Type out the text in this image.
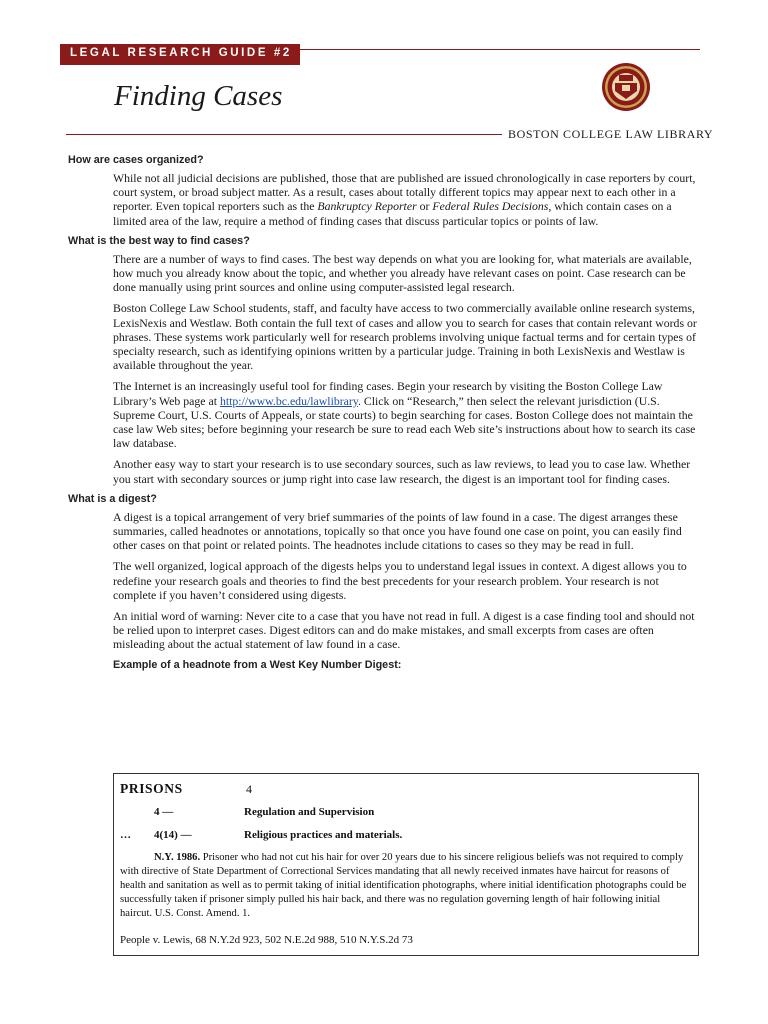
LEGAL RESEARCH GUIDE #2
Finding Cases
BOSTON COLLEGE LAW LIBRARY
How are cases organized?
While not all judicial decisions are published, those that are published are issued chronologically in case reporters by court, court system, or broad subject matter. As a result, cases about totally different topics may appear next to each other in a reporter. Even topical reporters such as the Bankruptcy Reporter or Federal Rules Decisions, which contain cases on a limited area of the law, require a method of finding cases that discuss particular topics or points of law.
What is the best way to find cases?
There are a number of ways to find cases. The best way depends on what you are looking for, what materials are available, how much you already know about the topic, and whether you already have relevant cases on point. Case research can be done manually using print sources and online using computer-assisted legal research.
Boston College Law School students, staff, and faculty have access to two commercially available online research systems, LexisNexis and Westlaw. Both contain the full text of cases and allow you to search for cases that contain relevant words or phrases. These systems work particularly well for research problems involving unique factual terms and for certain types of specialty research, such as identifying opinions written by a particular judge. Training in both LexisNexis and Westlaw is available throughout the year.
The Internet is an increasingly useful tool for finding cases. Begin your research by visiting the Boston College Law Library’s Web page at http://www.bc.edu/lawlibrary. Click on “Research,” then select the relevant jurisdiction (U.S. Supreme Court, U.S. Courts of Appeals, or state courts) to begin searching for cases. Boston College does not maintain the case law Web sites; before beginning your research be sure to read each Web site’s instructions about how to search its case law database.
Another easy way to start your research is to use secondary sources, such as law reviews, to lead you to case law. Whether you start with secondary sources or jump right into case law research, the digest is an important tool for finding cases.
What is a digest?
A digest is a topical arrangement of very brief summaries of the points of law found in a case. The digest arranges these summaries, called headnotes or annotations, topically so that once you have found one case on point, you can easily find other cases on that point or related points. The headnotes include citations to cases so they may be read in full.
The well organized, logical approach of the digests helps you to understand legal issues in context. A digest allows you to redefine your research goals and theories to find the best precedents for your research problem. Your research is not complete if you haven’t considered using digests.
An initial word of warning: Never cite to a case that you have not read in full. A digest is a case finding tool and should not be relied upon to interpret cases. Digest editors can and do make mistakes, and small excerpts from cases are often misleading about the actual statement of law found in a case.
Example of a headnote from a West Key Number Digest:
PRISONS	4
4 —	Regulation and Supervision
… 4(14) —	Religious practices and materials.
N.Y. 1986. Prisoner who had not cut his hair for over 20 years due to his sincere religious beliefs was not required to comply with directive of State Department of Correctional Services mandating that all newly received inmates have haircut for reasons of health and sanitation as well as to permit taking of initial identification photographs, where initial identification photographs could be successfully taken if prisoner simply pulled his hair back, and there was no regulation governing length of hair following initial haircut. U.S. Const. Amend. 1.
People v. Lewis, 68 N.Y.2d 923, 502 N.E.2d 988, 510 N.Y.S.2d 73
